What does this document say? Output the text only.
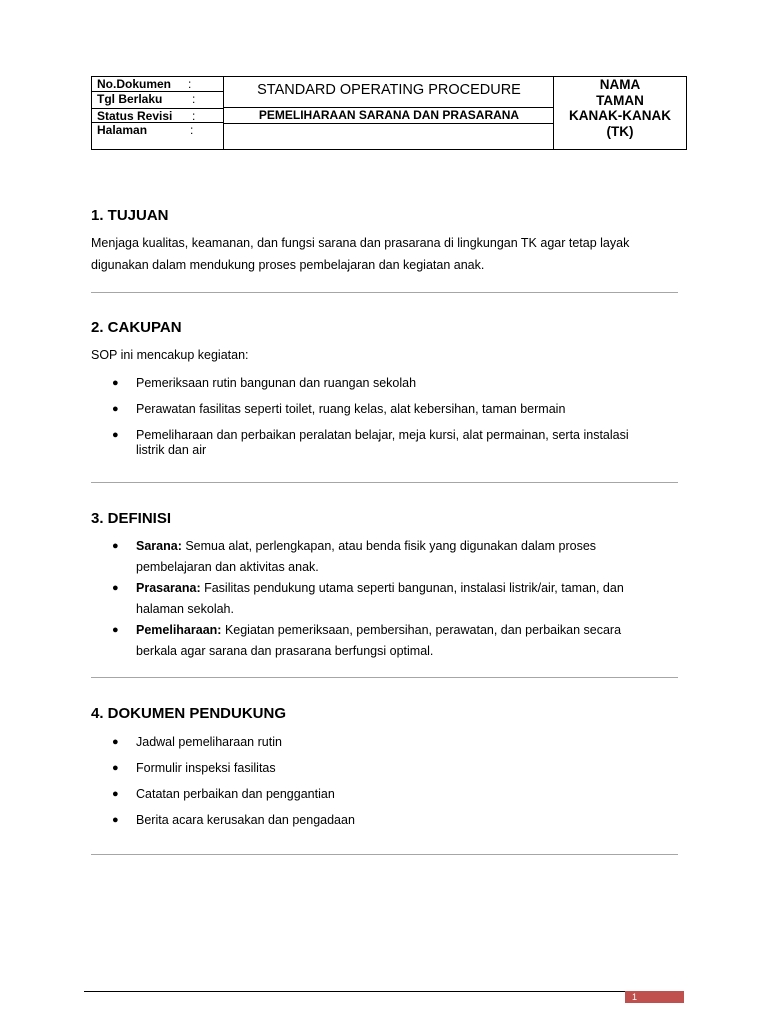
No.Dokumen :
Tgl Berlaku :
Status Revisi :
Halaman	:
STANDARD OPERATING PROCEDURE
PEMELIHARAAN SARANA DAN PRASARANA
NAMA
TAMAN
KANAK-KANAK
(TK)
1. TUJUAN
Menjaga kualitas, keamanan, dan fungsi sarana dan prasarana di lingkungan TK agar tetap layak digunakan dalam mendukung proses pembelajaran dan kegiatan anak.
2. CAKUPAN
SOP ini mencakup kegiatan:
● Pemeriksaan rutin bangunan dan ruangan sekolah
● Perawatan fasilitas seperti toilet, ruang kelas, alat kebersihan, taman bermain
● Pemeliharaan dan perbaikan peralatan belajar, meja kursi, alat permainan, serta instalasi listrik dan air
3. DEFINISI
● Sarana: Semua alat, perlengkapan, atau benda fisik yang digunakan dalam proses pembelajaran dan aktivitas anak.
● Prasarana: Fasilitas pendukung utama seperti bangunan, instalasi listrik/air, taman, dan halaman sekolah.
● Pemeliharaan: Kegiatan pemeriksaan, pembersihan, perawatan, dan perbaikan secara berkala agar sarana dan prasarana berfungsi optimal.
4. DOKUMEN PENDUKUNG
● Jadwal pemeliharaan rutin
● Formulir inspeksi fasilitas
● Catatan perbaikan dan penggantian
● Berita acara kerusakan dan pengadaan
1
